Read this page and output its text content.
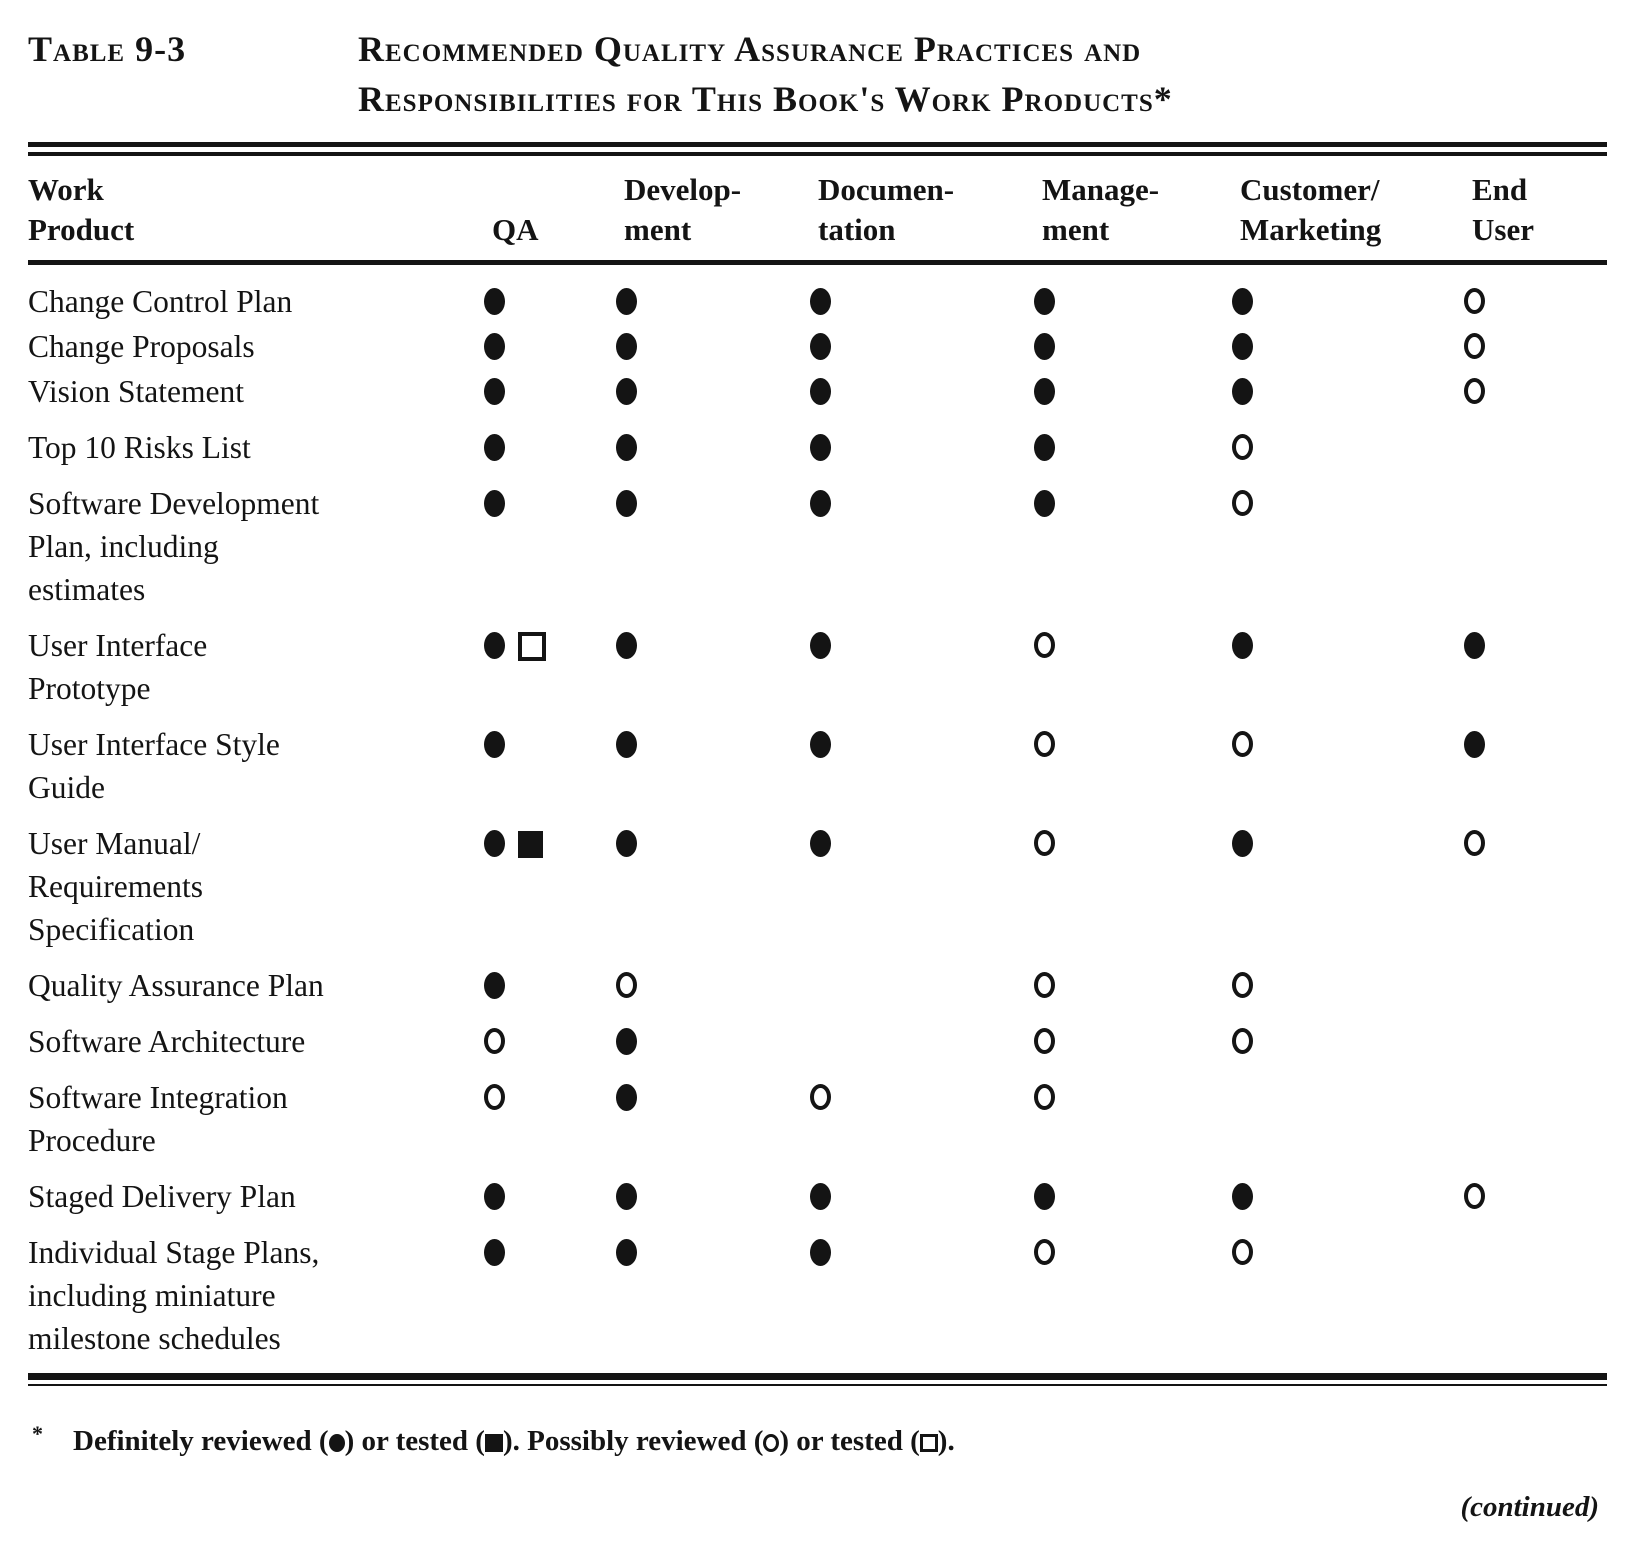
Table 9-3	Recommended Quality Assurance Practices and
Responsibilities for This Book's Work Products*
Work
Product	QA
Develop-
ment
Documen-
tation
Manage-
ment
Customer/
Marketing
End
User
Change Control Plan
Change Proposals
Vision Statement
Top 10 Risks List
Software Development
Plan, including
estimates
User Interface
Prototype
User Interface Style
Guide
User Manual/
Requirements
Specification
Quality Assurance Plan
Software Architecture
Software Integration
Procedure
Staged Delivery Plan
Individual Stage Plans,
including miniature
milestone schedules
* Definitely reviewed ( ) or tested ( ). Possibly reviewed ( ) or tested ( ).
(continued)
